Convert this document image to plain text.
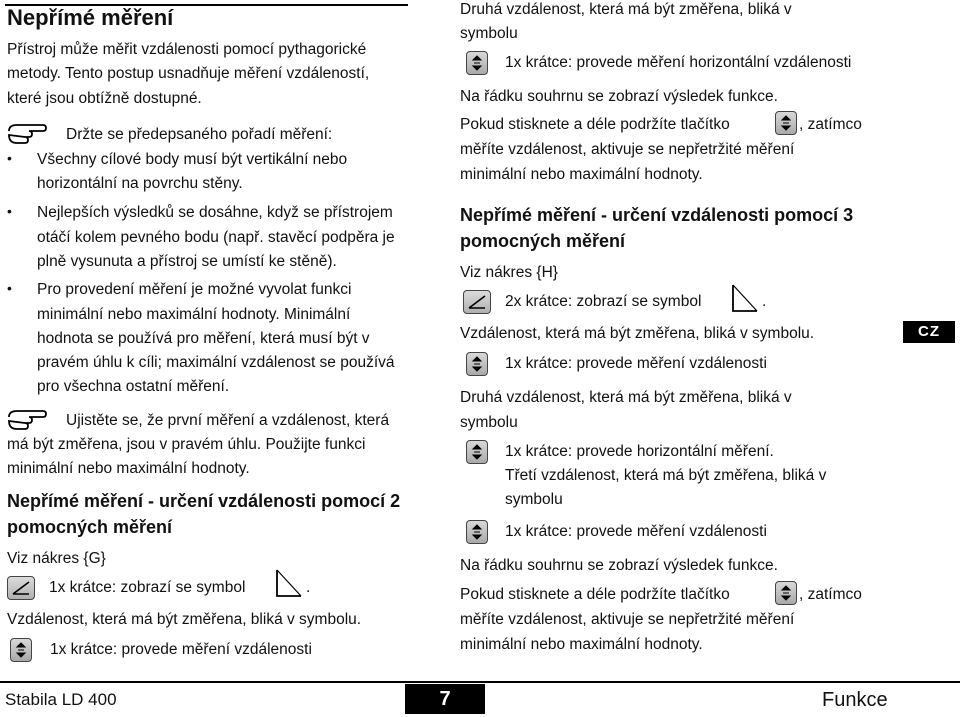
Nepřímé měření
Přístroj může měřit vzdálenosti pomocí pythagorické
metody. Tento postup usnadňuje měření vzdáleností,
které jsou obtížně dostupné.
Držte se předepsaného pořadí měření:
• Všechny cílové body musí být vertikální nebo
horizontální na povrchu stěny.
• Nejlepších výsledků se dosáhne, když se přístrojem
otáčí kolem pevného bodu (např. stavěcí podpěra je
plně vysunuta a přístroj se umístí ke stěně).
• Pro provedení měření je možné vyvolat funkci
minimální nebo maximální hodnoty. Minimální
hodnota se používá pro měření, která musí být v
pravém úhlu k cíli; maximální vzdálenost se používá
pro všechna ostatní měření.
Ujistěte se, že první měření a vzdálenost, která
má být změřena, jsou v pravém úhlu. Použijte funkci
minimální nebo maximální hodnoty.
Nepřímé měření - určení vzdálenosti pomocí 2
pomocných měření
Viz nákres {G}
1x krátce: zobrazí se symbol	.
Vzdálenost, která má být změřena, bliká v symbolu.
1x krátce: provede měření vzdálenosti
Druhá vzdálenost, která má být změřena, bliká v
symbolu
1x krátce: provede měření horizontální vzdálenosti
Na řádku souhrnu se zobrazí výsledek funkce.
Pokud stisknete a déle podržíte tlačítko	, zatímco
měříte vzdálenost, aktivuje se nepřetržité měření
minimální nebo maximální hodnoty.
Nepřímé měření - určení vzdálenosti pomocí 3
pomocných měření
Viz nákres {H}
2x krátce: zobrazí se symbol	.
Vzdálenost, která má být změřena, bliká v symbolu.	CZ
1x krátce: provede měření vzdálenosti
Druhá vzdálenost, která má být změřena, bliká v
symbolu
1x krátce: provede horizontální měření.
Třetí vzdálenost, která má být změřena, bliká v
symbolu
1x krátce: provede měření vzdálenosti
Na řádku souhrnu se zobrazí výsledek funkce.
Pokud stisknete a déle podržíte tlačítko	, zatímco
měříte vzdálenost, aktivuje se nepřetržité měření
minimální nebo maximální hodnoty.
Stabila LD 400	7	Funkce
